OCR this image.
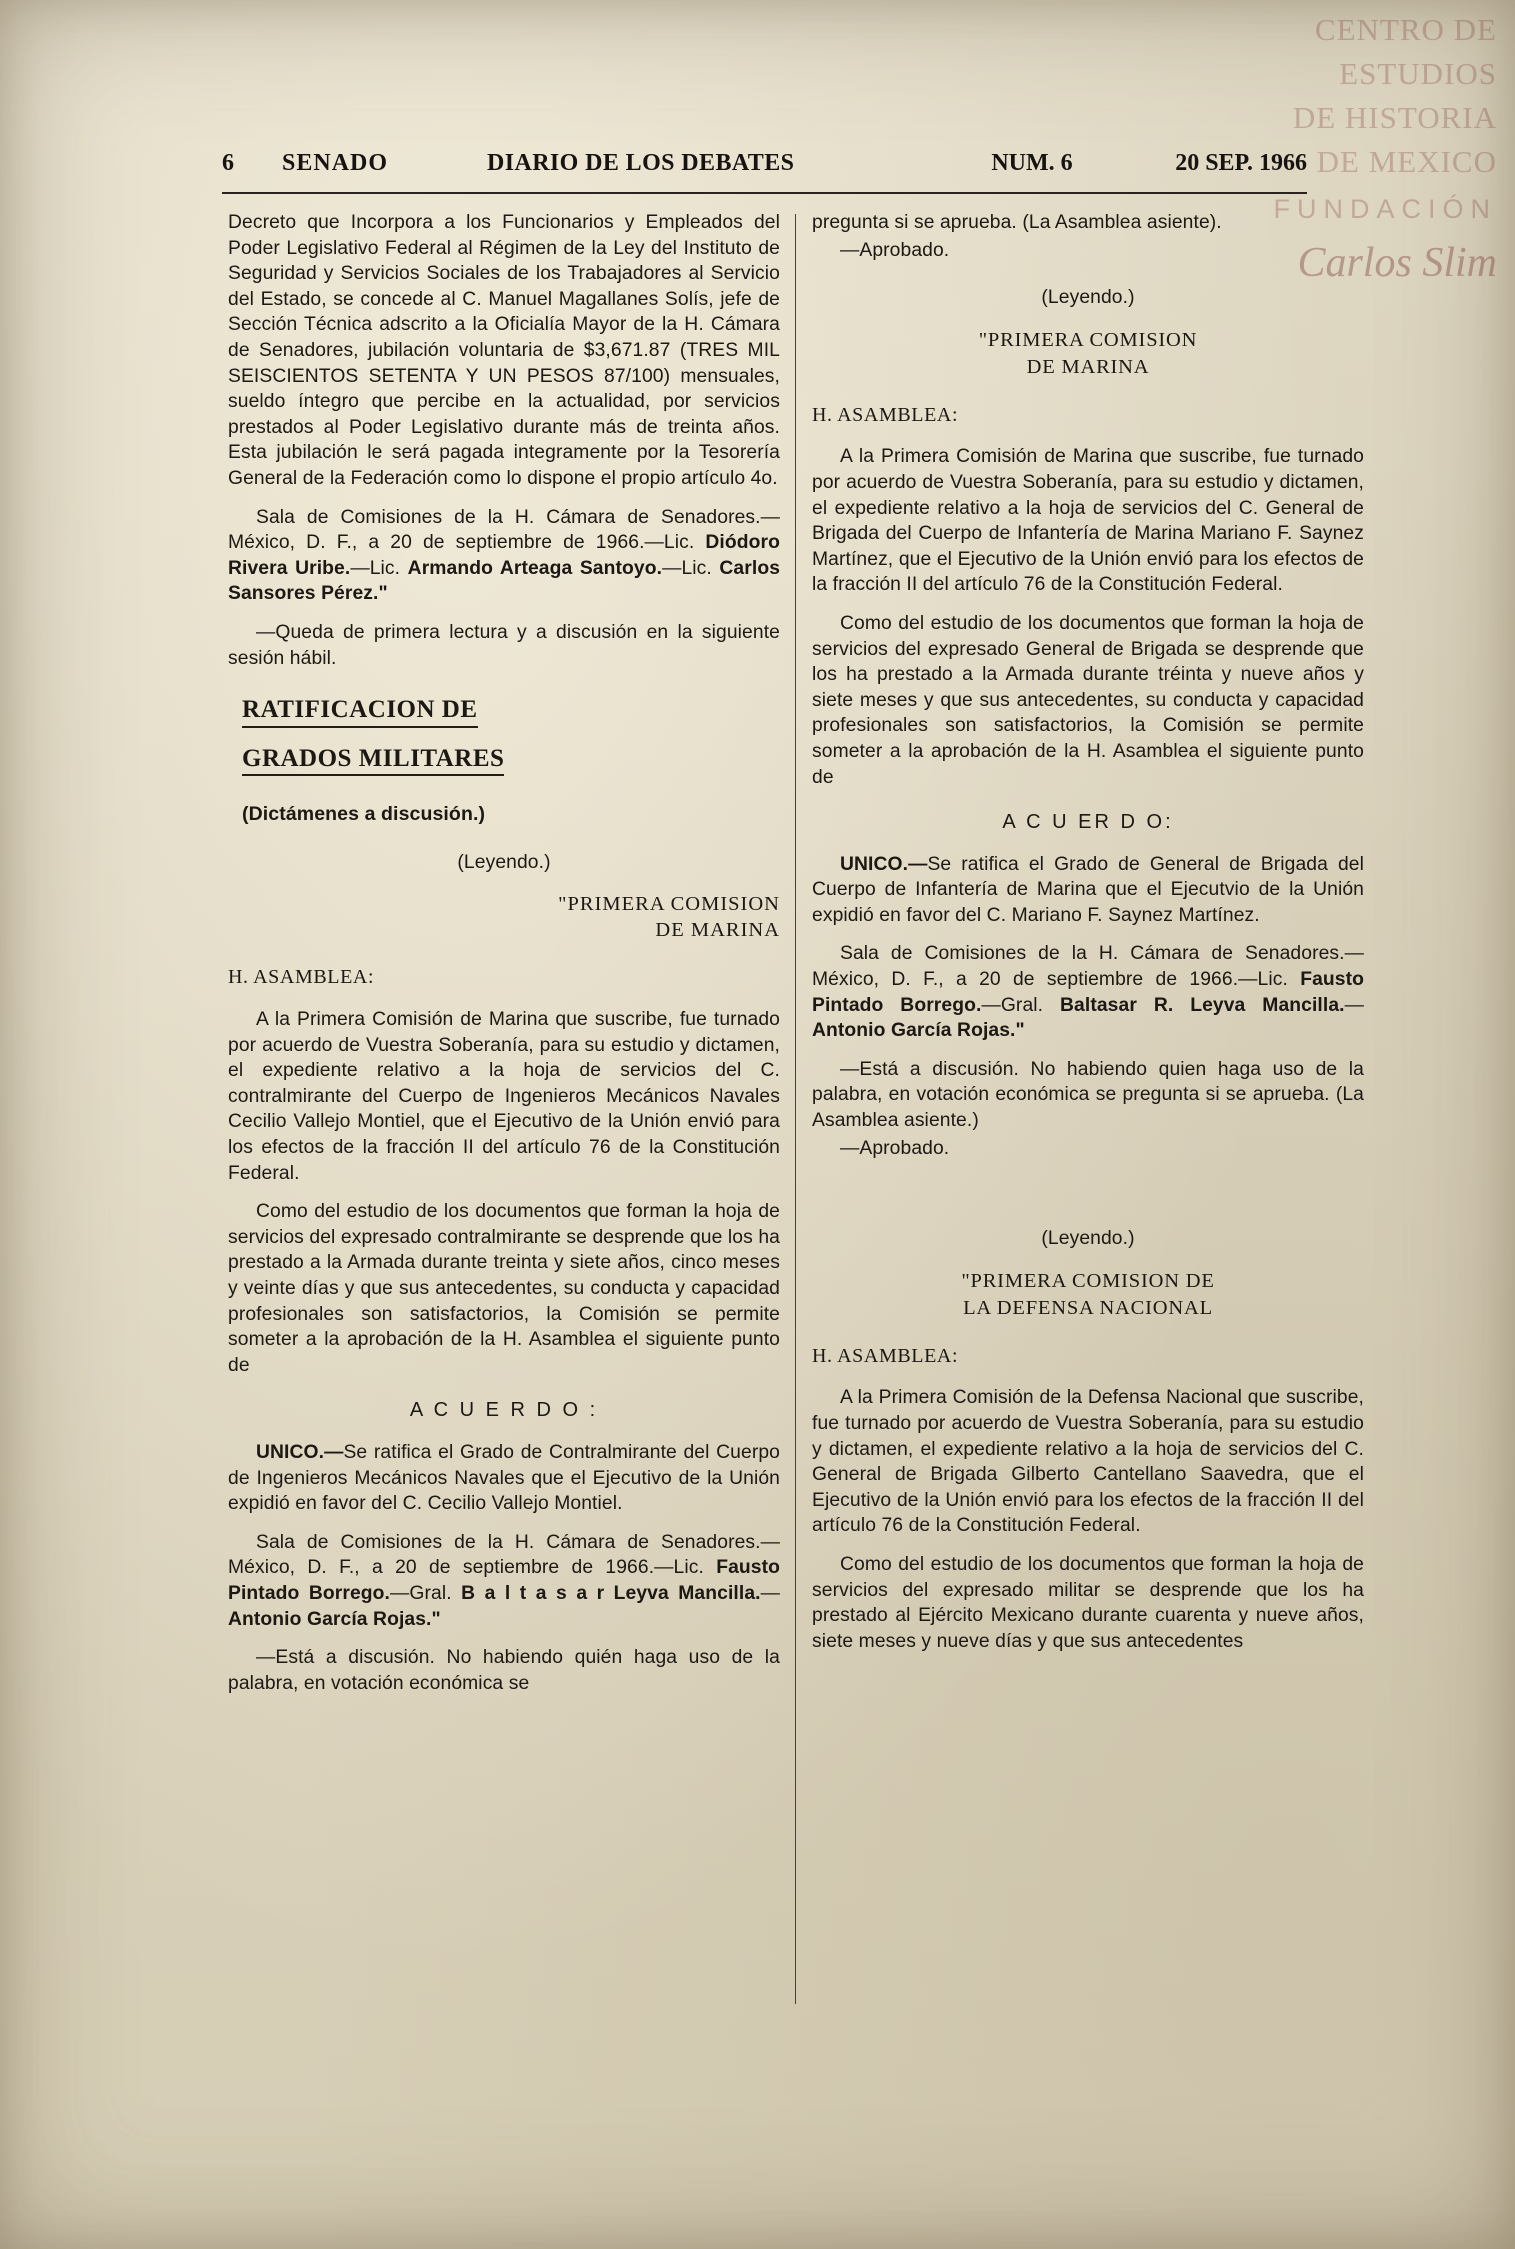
CENTRO DE
ESTUDIOS
DE HISTORIA
DE MEXICO
FUNDACIÓN
Carlos Slim
6	SENADO	DIARIO DE LOS DEBATES	NUM. 6	20 SEP. 1966

Decreto que Incorpora a los Funcionarios y Empleados del Poder Legislativo Federal al Régimen de la Ley del Instituto de Seguridad y Servicios Sociales de los Trabajadores al Servicio del Estado, se concede al C. Manuel Magallanes Solís, jefe de Sección Técnica adscrito a la Oficialía Mayor de la H. Cámara de Senadores, jubilación voluntaria de $3,671.87 (TRES MIL SEISCIENTOS SETENTA Y UN PESOS 87/100) mensuales, sueldo íntegro que percibe en la actualidad, por servicios prestados al Poder Legislativo durante más de treinta años. Esta jubilación le será pagada integramente por la Tesorería General de la Federación como lo dispone el propio artículo 4o.

Sala de Comisiones de la H. Cámara de Senadores.—México, D. F., a 20 de septiembre de 1966.—Lic. Diódoro Rivera Uribe.—Lic. Armando Arteaga Santoyo.—Lic. Carlos Sansores Pérez."

—Queda de primera lectura y a discusión en la siguiente sesión hábil.

RATIFICACION DE
GRADOS MILITARES

(Dictámenes a discusión.)

(Leyendo.)

"PRIMERA COMISION
DE MARINA

H. ASAMBLEA:

A la Primera Comisión de Marina que suscribe, fue turnado por acuerdo de Vuestra Soberanía, para su estudio y dictamen, el expediente relativo a la hoja de servicios del C. contralmirante del Cuerpo de Ingenieros Mecánicos Navales Cecilio Vallejo Montiel, que el Ejecutivo de la Unión envió para los efectos de la fracción II del artículo 76 de la Constitución Federal.

Como del estudio de los documentos que forman la hoja de servicios del expresado contralmirante se desprende que los ha prestado a la Armada durante treinta y siete años, cinco meses y veinte días y que sus antecedentes, su conducta y capacidad profesionales son satisfactorios, la Comisión se permite someter a la aprobación de la H. Asamblea el siguiente punto de

A C U E R D O :

UNICO.—Se ratifica el Grado de Contralmirante del Cuerpo de Ingenieros Mecánicos Navales que el Ejecutivo de la Unión expidió en favor del C. Cecilio Vallejo Montiel.

Sala de Comisiones de la H. Cámara de Senadores.—México, D. F., a 20 de septiembre de 1966.—Lic. Fausto Pintado Borrego.—Gral. B a l t a s a r Leyva Mancilla.—Antonio García Rojas."

—Está a discusión. No habiendo quién haga uso de la palabra, en votación económica se

pregunta si se aprueba. (La Asamblea asiente).

—Aprobado.

(Leyendo.)

"PRIMERA COMISION
DE MARINA

H. ASAMBLEA:

A la Primera Comisión de Marina que suscribe, fue turnado por acuerdo de Vuestra Soberanía, para su estudio y dictamen, el expediente relativo a la hoja de servicios del C. General de Brigada del Cuerpo de Infantería de Marina Mariano F. Saynez Martínez, que el Ejecutivo de la Unión envió para los efectos de la fracción II del artículo 76 de la Constitución Federal.

Como del estudio de los documentos que forman la hoja de servicios del expresado General de Brigada se desprende que los ha prestado a la Armada durante tréinta y nueve años y siete meses y que sus antecedentes, su conducta y capacidad profesionales son satisfactorios, la Comisión se permite someter a la aprobación de la H. Asamblea el siguiente punto de

A C U ER D O:

UNICO.—Se ratifica el Grado de General de Brigada del Cuerpo de Infantería de Marina que el Ejecutvio de la Unión expidió en favor del C. Mariano F. Saynez Martínez.

Sala de Comisiones de la H. Cámara de Senadores.—México, D. F., a 20 de septiembre de 1966.—Lic. Fausto Pintado Borrego.—Gral. Baltasar R. Leyva Mancilla.—Antonio García Rojas."

—Está a discusión. No habiendo quien haga uso de la palabra, en votación económica se pregunta si se aprueba. (La Asamblea asiente.)

—Aprobado.

(Leyendo.)

"PRIMERA COMISION DE
LA DEFENSA NACIONAL

H. ASAMBLEA:

A la Primera Comisión de la Defensa Nacional que suscribe, fue turnado por acuerdo de Vuestra Soberanía, para su estudio y dictamen, el expediente relativo a la hoja de servicios del C. General de Brigada Gilberto Cantellano Saavedra, que el Ejecutivo de la Unión envió para los efectos de la fracción II del artículo 76 de la Constitución Federal.

Como del estudio de los documentos que forman la hoja de servicios del expresado militar se desprende que los ha prestado al Ejército Mexicano durante cuarenta y nueve años, siete meses y nueve días y que sus antecedentes
